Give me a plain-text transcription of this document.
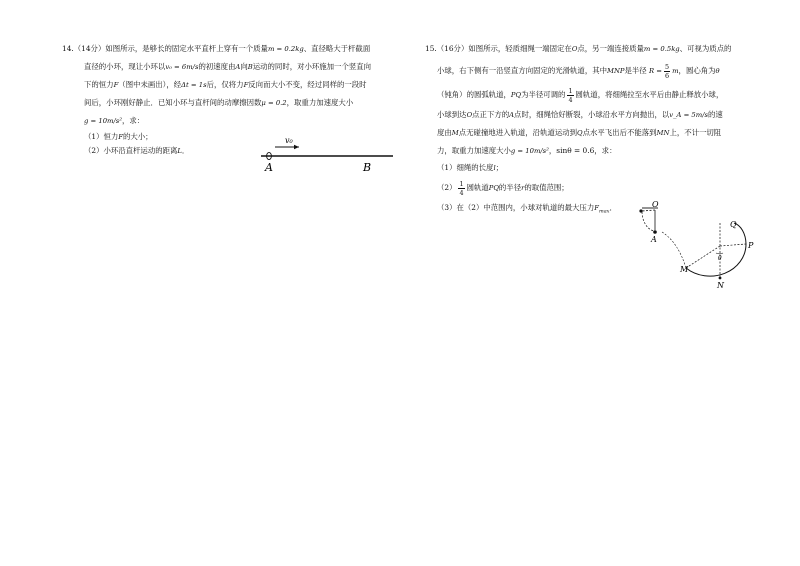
14.（14分）如图所示，是够长的固定水平直杆上穿有一个质量m = 0.2kg、直径略大于杆截面
直径的小环，现让小环以v₀ = 6m/s的初速度由A向B运动的同时，对小环施加一个竖直向
下的恒力F（图中未画出），经Δt = 1s后，仅将力F反向而大小不变，经过同样的一段时
间后，小环刚好静止．已知小环与直杆间的动摩擦因数μ = 0.2，取重力加速度大小
g = 10m/s²，求：
（1）恒力F的大小；
（2）小环沿直杆运动的距离L．
v₀
A	B
15.（16分）如图所示，轻质细绳一端固定在O点，另一端连接质量m = 0.5kg、可视为质点的
小球，右下侧有一沿竖直方向固定的光滑轨道，其中MNP是半径 $R = \frac{5}{6}$ m，圆心角为θ
（钝角）的圆弧轨道，PQ为半径可调的 $\frac{1}{4}$ 圆轨道，将细绳拉至水平后由静止释放小球，
小球到达O点正下方的A点时，细绳恰好断裂，小球沿水平方向抛出，以v_A = 5m/s的速
度由M点无碰撞地进入轨道，沿轨道运动到Q点水平飞出后不能落到MN上，不计一切阻
力，取重力加速度大小g = 10m/s²，sinθ = 0.6，求：
（1）细绳的长度l；
$(2) \frac{1}{4}$ 圆轨道PQ的半径r的取值范围；
（3）在（2）中范围内，小球对轨道的最大压力$F_{max}$．	O
A
Q
P
M
N
θ
